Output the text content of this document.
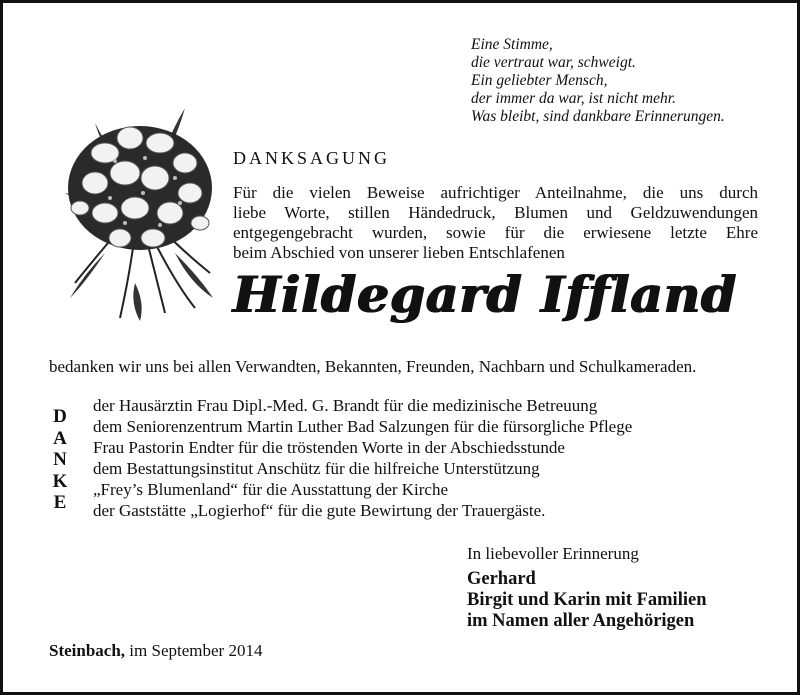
Eine Stimme,
die vertraut war, schweigt.
Ein geliebter Mensch,
der immer da war, ist nicht mehr.
Was bleibt, sind dankbare Erinnerungen.
DANKSAGUNG
Für die vielen Beweise aufrichtiger Anteilnahme, die uns durch
liebe Worte, stillen Händedruck, Blumen und Geldzuwendungen
entgegengebracht wurden, sowie für die erwiesene letzte Ehre
beim Abschied von unserer lieben Entschlafenen
Hildegard Iffland
bedanken wir uns bei allen Verwandten, Bekannten, Freunden, Nachbarn und Schulkameraden.
D
A
N
K
E
der Hausärztin Frau Dipl.-Med. G. Brandt für die medizinische Betreuung
dem Seniorenzentrum Martin Luther Bad Salzungen für die fürsorgliche Pflege
Frau Pastorin Endter für die tröstenden Worte in der Abschiedsstunde
dem Bestattungsinstitut Anschütz für die hilfreiche Unterstützung
„Frey’s Blumenland“ für die Ausstattung der Kirche
der Gaststätte „Logierhof“ für die gute Bewirtung der Trauergäste.
In liebevoller Erinnerung
Gerhard
Birgit und Karin mit Familien
im Namen aller Angehörigen
Steinbach, im September 2014
